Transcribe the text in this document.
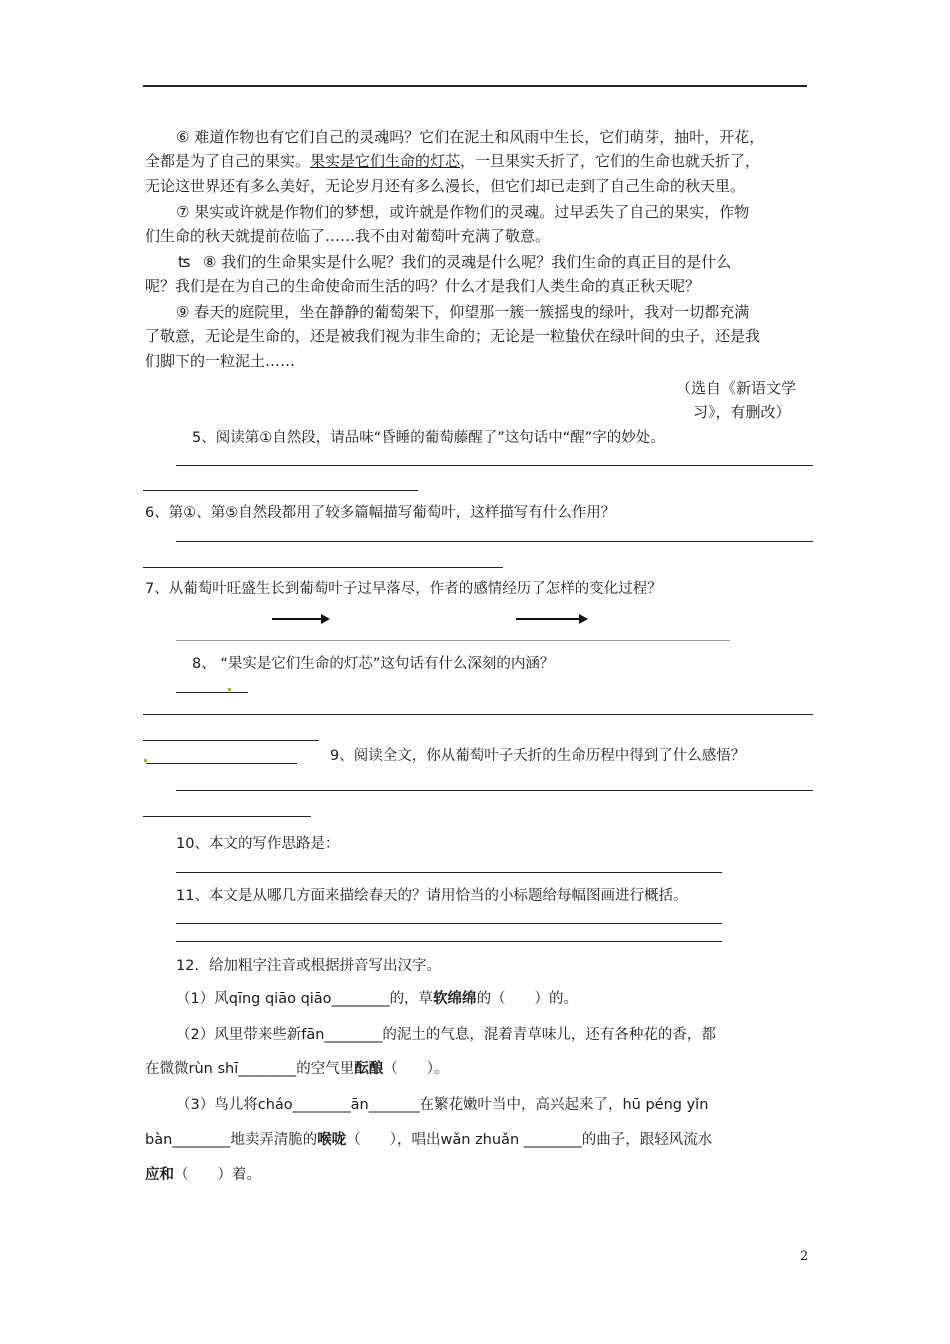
⑥ 难道作物也有它们自己的灵魂吗？它们在泥土和风雨中生长，它们萌芽，抽叶，开花，
全都是为了自己的果实。果实是它们生命的灯芯，一旦果实夭折了，它们的生命也就夭折了，
无论这世界还有多么美好，无论岁月还有多么漫长，但它们却已走到了自己生命的秋天里。
⑦ 果实或许就是作物们的梦想，或许就是作物们的灵魂。过早丢失了自己的果实，作物
们生命的秋天就提前莅临了……我不由对葡萄叶充满了敬意。
ʦ ⑧ 我们的生命果实是什么呢？我们的灵魂是什么呢？我们生命的真正目的是什么
呢？我们是在为自己的生命使命而生活的吗？什么才是我们人类生命的真正秋天呢？
⑨ 春天的庭院里，坐在静静的葡萄架下，仰望那一簇一簇摇曳的绿叶，我对一切都充满
了敬意，无论是生命的，还是被我们视为非生命的；无论是一粒蛰伏在绿叶间的虫子，还是我
们脚下的一粒泥土……
（选自《新语文学
习》，有删改）
5、阅读第①自然段，请品味“昏睡的葡萄藤醒了”这句话中“醒”字的妙处。
6、第①、第⑤自然段都用了较多篇幅描写葡萄叶，这样描写有什么作用？
7、从葡萄叶旺盛生长到葡萄叶子过早落尽，作者的感情经历了怎样的变化过程？
8、 “果实是它们生命的灯芯”这句话有什么深刻的内涵？
9、阅读全文，你从葡萄叶子夭折的生命历程中得到了什么感悟？
10、本文的写作思路是：
11、本文是从哪几方面来描绘春天的？请用恰当的小标题给每幅图画进行概括。
12．给加粗字注音或根据拼音写出汉字。
（1）风qīng qiāo qiāo________的，草软绵绵的（　　）的。
（2）风里带来些新fān________的泥土的气息，混着青草味儿，还有各种花的香，都
在微微rùn shī________的空气里酝酿（　　）。
（3）鸟儿将cháo________ān_______在繁花嫩叶当中，高兴起来了，hū péng yǐn
bàn________地卖弄清脆的喉咙（　　），唱出wǎn zhuǎn ________的曲子，跟轻风流水
应和（　　）着。
2
